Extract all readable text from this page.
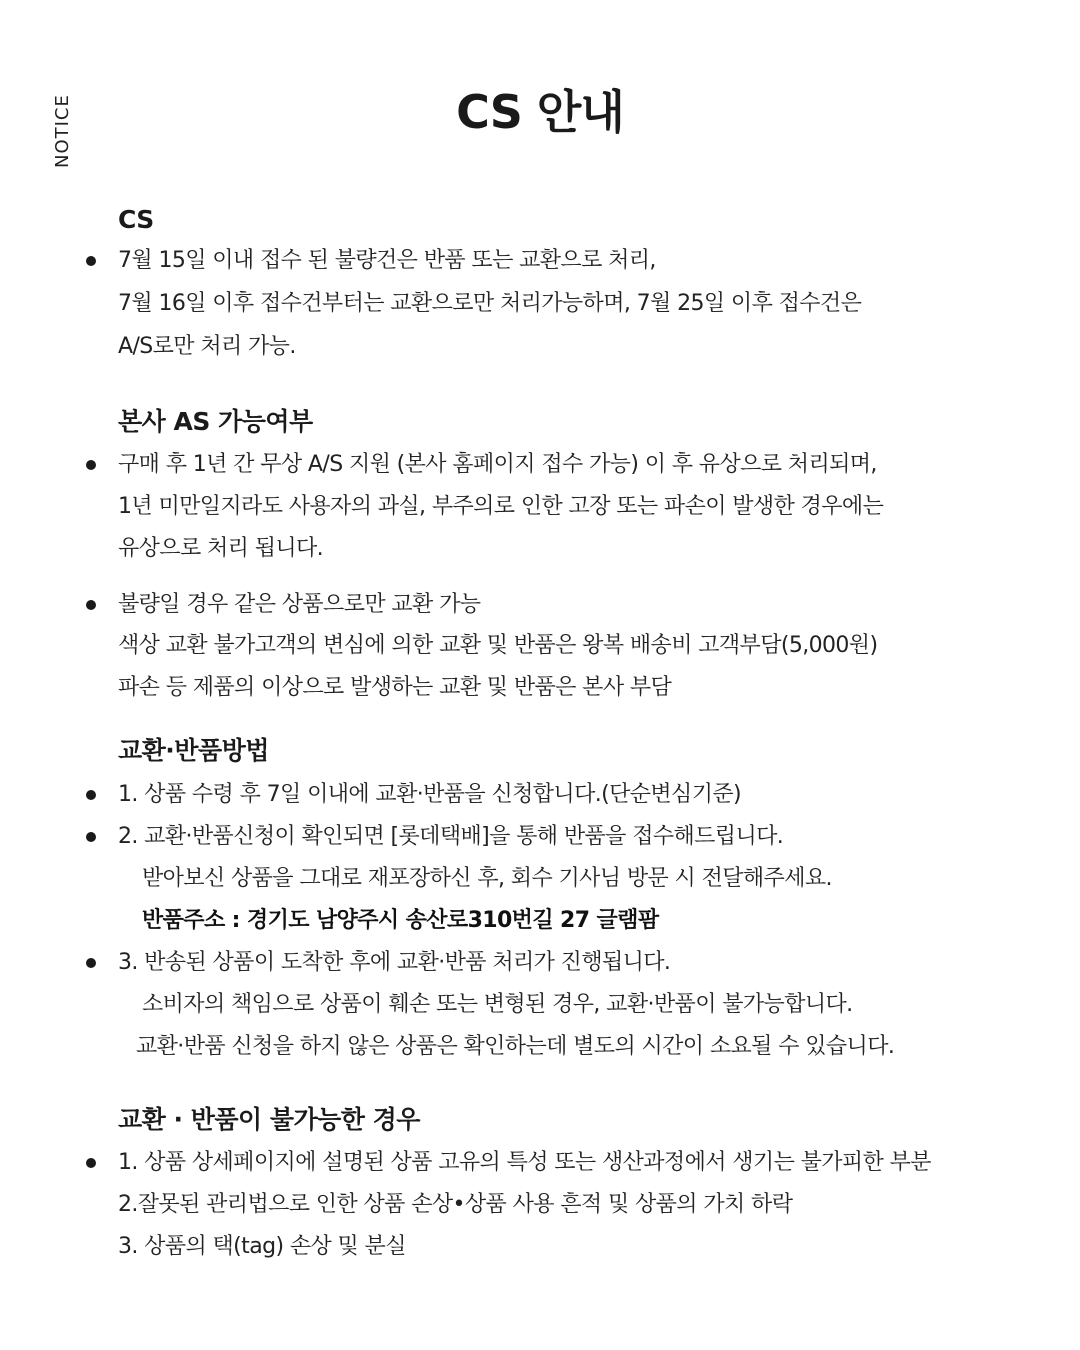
NOTICE	CS 안내
CS
7월 15일 이내 접수 된 불량건은 반품 또는 교환으로 처리,
7월 16일 이후 접수건부터는 교환으로만 처리가능하며, 7월 25일 이후 접수건은
A/S로만 처리 가능.
본사 AS 가능여부
구매 후 1년 간 무상 A/S 지원 (본사 홈페이지 접수 가능) 이 후 유상으로 처리되며,
1년 미만일지라도 사용자의 과실, 부주의로 인한 고장 또는 파손이 발생한 경우에는
유상으로 처리 됩니다.
불량일 경우 같은 상품으로만 교환 가능
색상 교환 불가고객의 변심에 의한 교환 및 반품은 왕복 배송비 고객부담(5,000원)
파손 등 제품의 이상으로 발생하는 교환 및 반품은 본사 부담
교환·반품방법
1. 상품 수령 후 7일 이내에 교환·반품을 신청합니다.(단순변심기준)
2. 교환·반품신청이 확인되면 [롯데택배]을 통해 반품을 접수해드립니다.
받아보신 상품을 그대로 재포장하신 후, 회수 기사님 방문 시 전달해주세요.
반품주소 : 경기도 남양주시 송산로310번길 27 글램팜
3. 반송된 상품이 도착한 후에 교환·반품 처리가 진행됩니다.
소비자의 책임으로 상품이 훼손 또는 변형된 경우, 교환·반품이 불가능합니다.
교환·반품 신청을 하지 않은 상품은 확인하는데 별도의 시간이 소요될 수 있습니다.
교환 · 반품이 불가능한 경우
1. 상품 상세페이지에 설명된 상품 고유의 특성 또는 생산과정에서 생기는 불가피한 부분
2.잘못된 관리법으로 인한 상품 손상•상품 사용 흔적 및 상품의 가치 하락
3. 상품의 택(tag) 손상 및 분실
